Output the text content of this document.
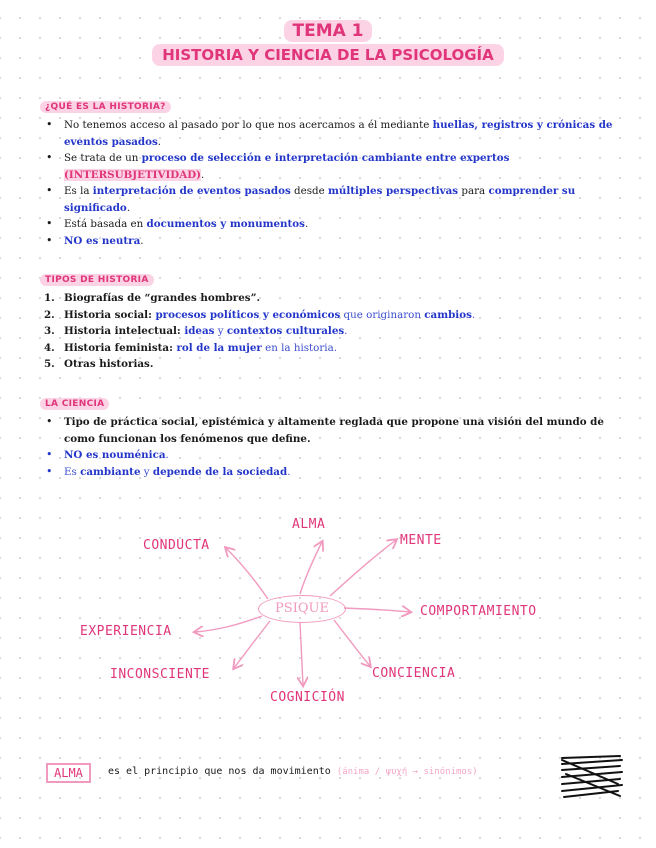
TEMA 1
HISTORIA Y CIENCIA DE LA PSICOLOGÍA
¿QUÉ ES LA HISTORIA?
• No tenemos acceso al pasado por lo que nos acercamos a él mediante huellas, registros y crónicas de eventos pasados.
• Se trata de un proceso de selección e interpretación cambiante entre expertos (INTERSUBJETIVIDAD).
• Es la interpretación de eventos pasados desde múltiples perspectivas para comprender su significado.
• Está basada en documentos y monumentos.
• NO es neutra.
TIPOS DE HISTORIA
1. Biografías de “grandes hombres”.
2. Historia social: procesos políticos y económicos que originaron cambios.
3. Historia intelectual: ideas y contextos culturales.
4. Historia feminista: rol de la mujer en la historia.
5. Otras historias.
LA CIENCIA
• Tipo de práctica social, epistémica y altamente reglada que propone una visión del mundo de como funcionan los fenómenos que define.
• NO es nouménica.
• Es cambiante y depende de la sociedad.
PSIQUE
CONDUCTA
ALMA
MENTE
COMPORTAMIENTO
EXPERIENCIA
INCONSCIENTE
COGNICIÓN
CONCIENCIA
ALMA	es el principio que nos da movimiento (ánima / ψυχή → sinónimos)
